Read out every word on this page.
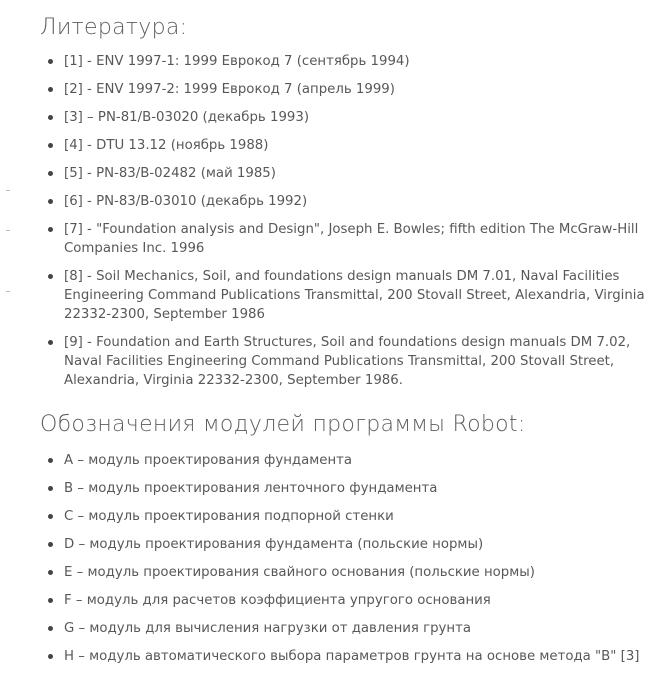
Литература:
[1] - ENV 1997-1: 1999 Еврокод 7 (сентябрь 1994)
[2] - ENV 1997-2: 1999 Еврокод 7 (апрель 1999)
[3] – PN-81/B-03020 (декабрь 1993)
[4] - DTU 13.12 (ноябрь 1988)
[5] - PN-83/B-02482 (май 1985)
[6] - PN-83/B-03010 (декабрь 1992)
[7] - "Foundation analysis and Design", Joseph E. Bowles; fifth edition The McGraw-Hill Companies Inc. 1996
[8] - Soil Mechanics, Soil, and foundations design manuals DM 7.01, Naval Facilities Engineering Command Publications Transmittal, 200 Stovall Street, Alexandria, Virginia 22332-2300, September 1986
[9] - Foundation and Earth Structures, Soil and foundations design manuals DM 7.02, Naval Facilities Engineering Command Publications Transmittal, 200 Stovall Street, Alexandria, Virginia 22332-2300, September 1986.
Обозначения модулей программы Robot:
A – модуль проектирования фундамента
B – модуль проектирования ленточного фундамента
C – модуль проектирования подпорной стенки
D – модуль проектирования фундамента (польские нормы)
E – модуль проектирования свайного основания (польские нормы)
F – модуль для расчетов коэффициента упругого основания
G – модуль для вычисления нагрузки от давления грунта
H – модуль автоматического выбора параметров грунта на основе метода "B" [3]
